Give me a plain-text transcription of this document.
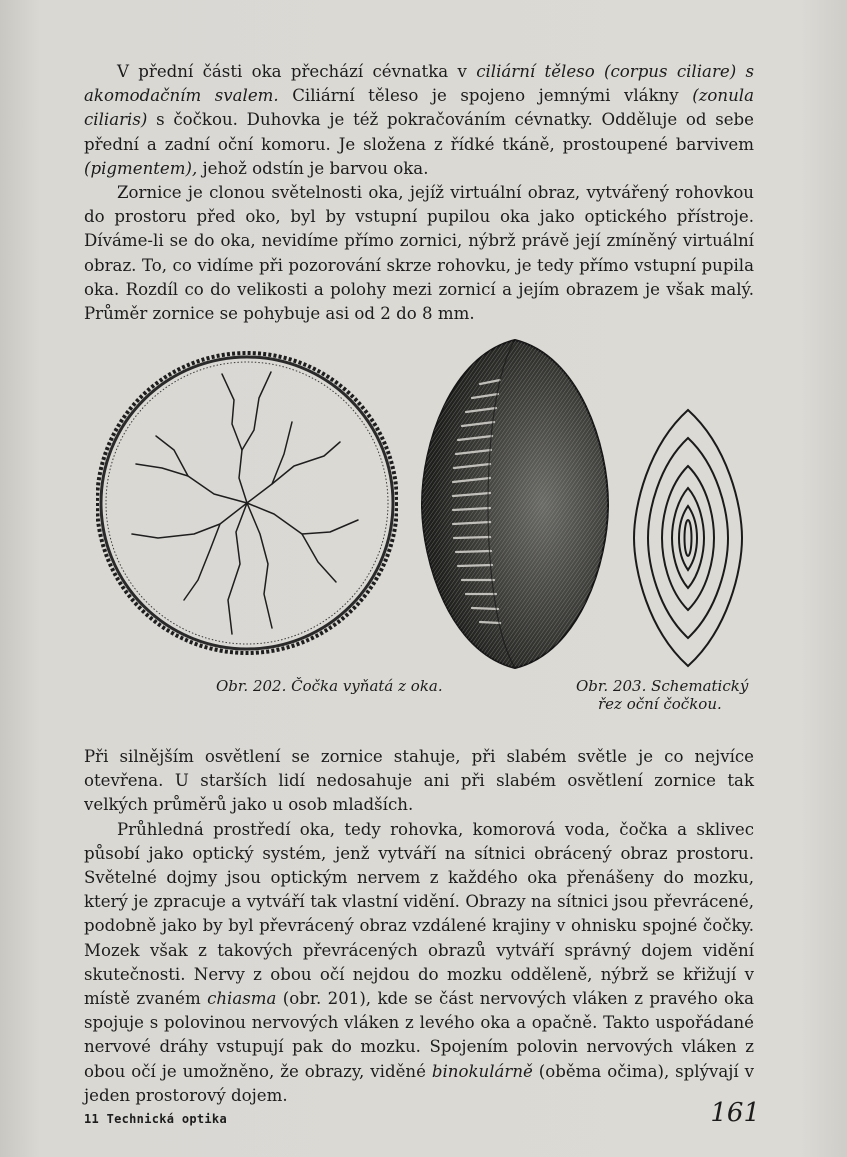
V přední části oka přechází cévnatka v ciliární těleso (corpus ciliare) s akomodačním svalem. Ciliární těleso je spojeno jemnými vlákny (zonula ciliaris) s čočkou. Duhovka je též pokračováním cévnatky. Odděluje od sebe přední a zadní oční komoru. Je složena z řídké tkáně, prostoupené barvivem (pigmentem), jehož odstín je barvou oka.

Zornice je clonou světelnosti oka, jejíž virtuální obraz, vytvářený rohovkou do prostoru před oko, byl by vstupní pupilou oka jako optického přístroje. Díváme-li se do oka, nevidíme přímo zornici, nýbrž právě její zmíněný virtuální obraz. To, co vidíme při pozorování skrze rohovku, je tedy přímo vstupní pupila oka. Rozdíl co do velikosti a polohy mezi zornicí a jejím obrazem je však malý. Průměr zornice se pohybuje asi od 2 do 8 mm.

Obr. 202. Čočka vyňatá z oka.	Obr. 203. Schematický
řez oční čočkou.

Při silnějším osvětlení se zornice stahuje, při slabém světle je co nejvíce otevřena. U starších lidí nedosahuje ani při slabém osvětlení zornice tak velkých průměrů jako u osob mladších.

Průhledná prostředí oka, tedy rohovka, komorová voda, čočka a sklivec působí jako optický systém, jenž vytváří na sítnici obrácený obraz prostoru. Světelné dojmy jsou optickým nervem z každého oka přenášeny do mozku, který je zpracuje a vytváří tak vlastní vidění. Obrazy na sítnici jsou převrácené, podobně jako by byl převrácený obraz vzdálené krajiny v ohnisku spojné čočky. Mozek však z takových převrácených obrazů vytváří správný dojem vidění skutečnosti. Nervy z obou očí nejdou do mozku odděleně, nýbrž se křižují v místě zvaném chiasma (obr. 201), kde se část nervových vláken z pravého oka spojuje s polovinou nervových vláken z levého oka a opačně. Takto uspořádané nervové dráhy vstupují pak do mozku. Spojením polovin nervových vláken z obou očí je umožněno, že obrazy, viděné binokulárně (oběma očima), splývají v jeden prostorový dojem.

11 Technická optika	161
